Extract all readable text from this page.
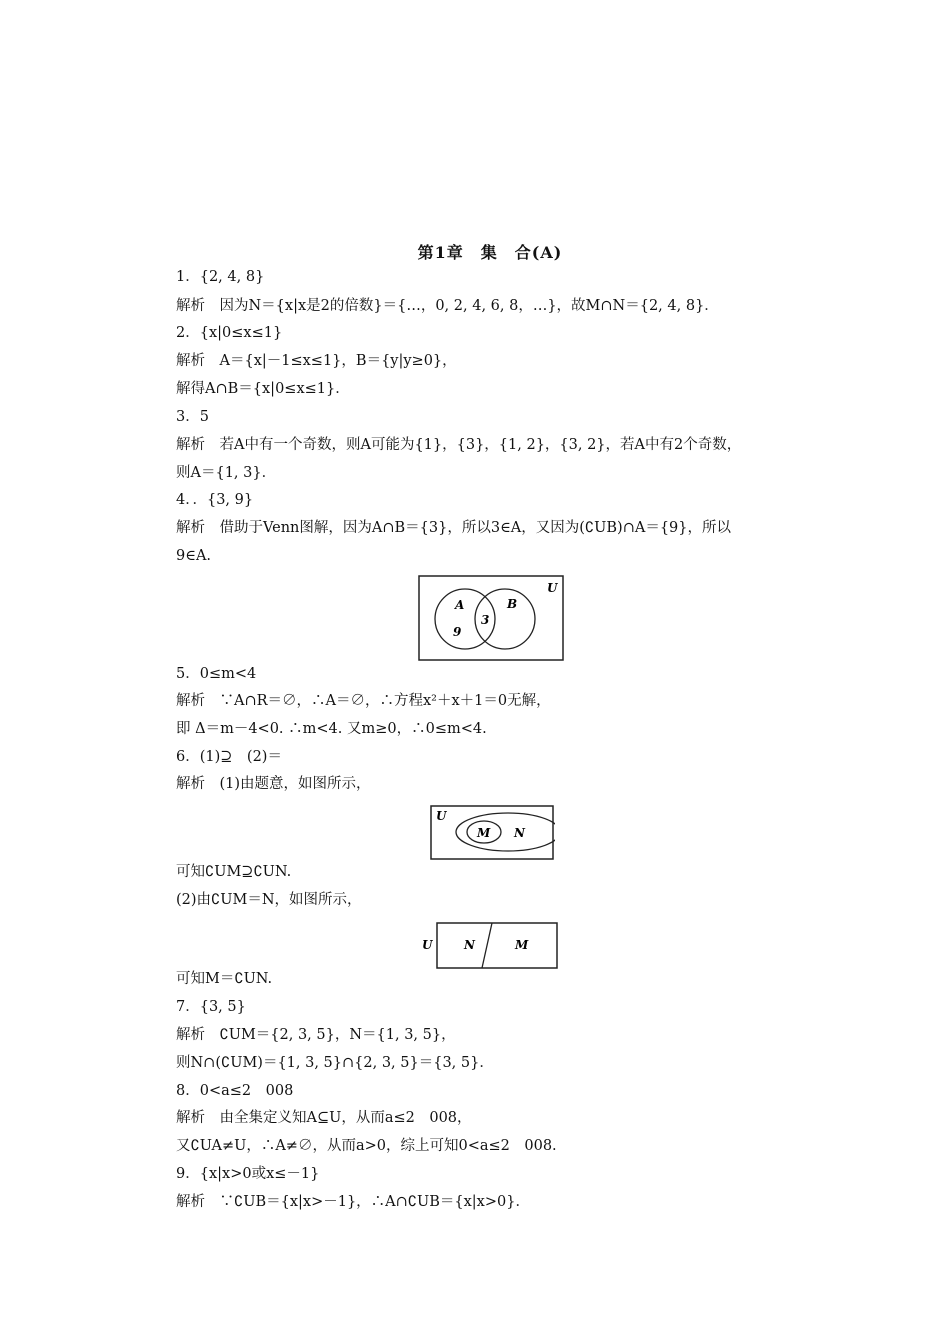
第1章　集　合(A)
1．{2, 4, 8}
解析　因为N＝{x|x是2的倍数}＝{…，0, 2, 4, 6, 8，…}，故M∩N＝{2, 4, 8}．
2．{x|0≤x≤1}
解析　A＝{x|－1≤x≤1}，B＝{y|y≥0}，
解得A∩B＝{x|0≤x≤1}．
3．5
解析　若A中有一个奇数，则A可能为{1}，{3}，{1, 2}，{3, 2}，若A中有2个奇数，
则A＝{1, 3}．
4．．{3, 9}
解析　借助于Venn图解，因为A∩B＝{3}，所以3∈A，又因为(∁UB)∩A＝{9}，所以
9∈A.
U
A	B
9
3
5．0≤m<4
解析　∵A∩R＝∅，∴A＝∅，∴方程x²＋x＋1＝0无解，
即 Δ＝m－4<0. ∴m<4. 又m≥0，∴0≤m<4.
6．(1)⊇　(2)＝
解析　(1)由题意，如图所示，
U
M N
可知∁UM⊇∁UN.
(2)由∁UM＝N，如图所示，
U	N	M
可知M＝∁UN.
7．{3, 5}
解析　∁UM＝{2, 3, 5}，N＝{1, 3, 5}，
则N∩(∁UM)＝{1, 3, 5}∩{2, 3, 5}＝{3, 5}．
8．0<a≤2　008
解析　由全集定义知A⊆U，从而a≤2　008，
又∁UA≠U，∴A≠∅，从而a>0，综上可知0<a≤2　008.
9．{x|x>0或x≤－1}
解析　∵∁UB＝{x|x>－1}，∴A∩∁UB＝{x|x>0}．
